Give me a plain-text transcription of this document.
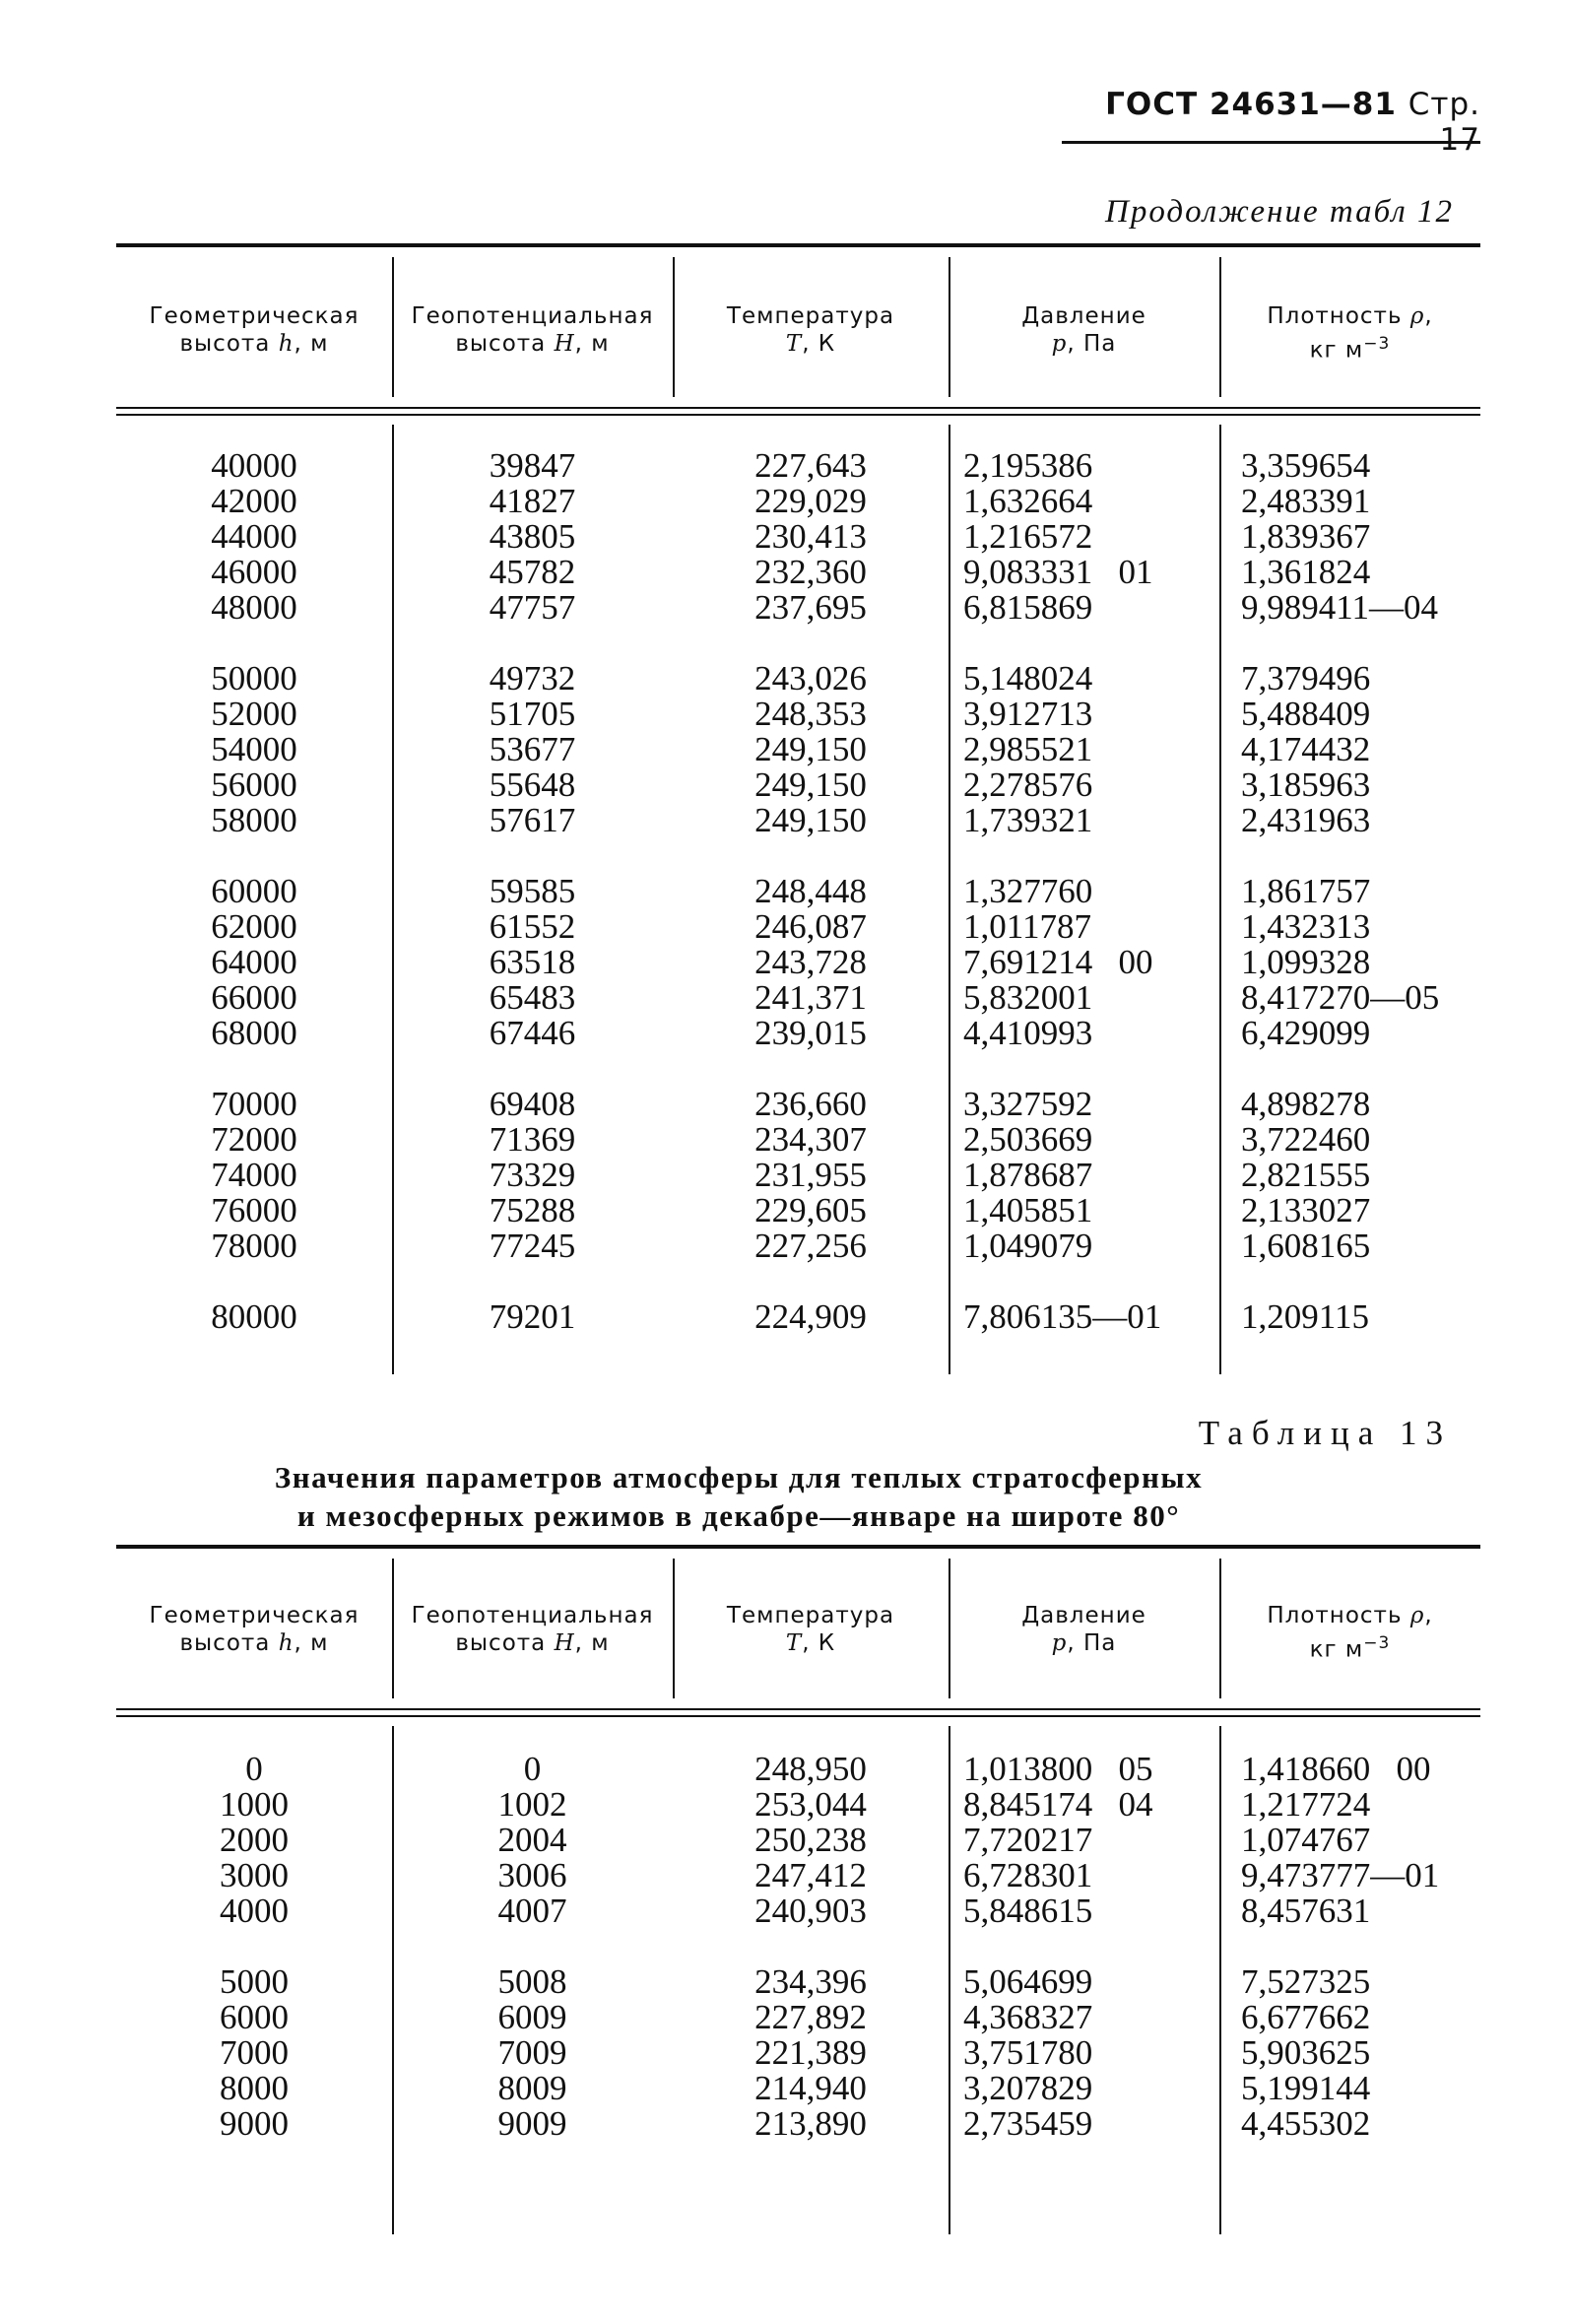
ГОСТ 24631—81 Стр. 17
Продолжение табл 12
Геометрическая
высота h, м
Геопотенциальная
высота H, м
Температура
T, К
Давление
p, Па
Плотность ρ,
кг $м^{-3}$
40000
42000
44000
46000
48000
50000
52000
54000
56000
58000
60000
62000
64000
66000
68000
70000
72000
74000
76000
78000
80000
39847
41827
43805
45782
47757
49732
51705
53677
55648
57617
59585
61552
63518
65483
67446
69408
71369
73329
75288
77245
79201
227,643
229,029
230,413
232,360
237,695
243,026
248,353
249,150
249,150
249,150
248,448
246,087
243,728
241,371
239,015
236,660
234,307
231,955
229,605
227,256
224,909
2,195386
1,632664
1,216572
9,083331   01
6,815869
5,148024
3,912713
2,985521
2,278576
1,739321
1,327760
1,011787
7,691214   00
5,832001
4,410993
3,327592
2,503669
1,878687
1,405851
1,049079
7,806135—01
3,359654
2,483391
1,839367
1,361824
9,989411—04
7,379496
5,488409
4,174432
3,185963
2,431963
1,861757
1,432313
1,099328
8,417270—05
6,429099
4,898278
3,722460
2,821555
2,133027
1,608165
1,209115
Таблица 13
Значения параметров атмосферы для теплых стратосферных
и мезосферных режимов в декабре—январе на широте 80°
Геометрическая
высота h, м
Геопотенциальная
высота H, м
Температура
T, К
Давление
p, Па
Плотность ρ,
кг $м^{-3}$
0
1000
2000
3000
4000
5000
6000
7000
8000
9000
0
1002
2004
3006
4007
5008
6009
7009
8009
9009
248,950
253,044
250,238
247,412
240,903
234,396
227,892
221,389
214,940
213,890
1,013800   05
8,845174   04
7,720217
6,728301
5,848615
5,064699
4,368327
3,751780
3,207829
2,735459
1,418660   00
1,217724
1,074767
9,473777—01
8,457631
7,527325
6,677662
5,903625
5,199144
4,455302
